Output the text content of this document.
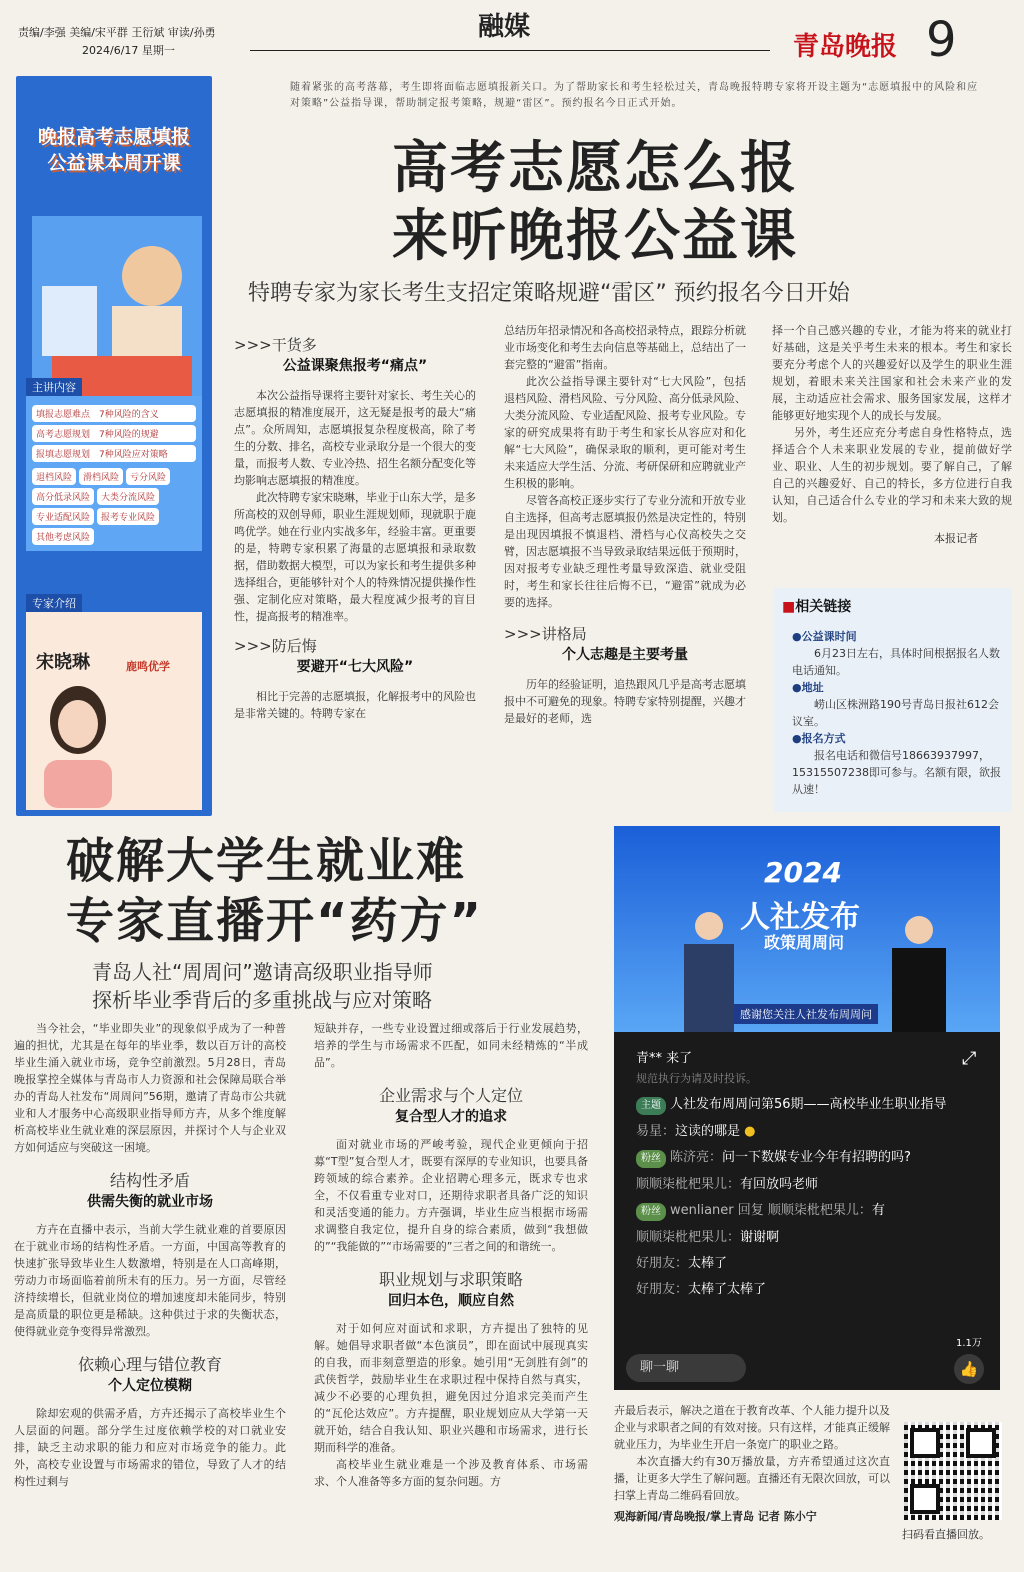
责编/李强 美编/宋平群 王衍斌 审读/孙勇
2024/6/17 星期一
融媒
青岛晚报 9
晚报高考志愿填报公益课本周开课
主讲内容
填报志愿难点　 7种风险的含义
高考志愿规划　 7种风险的规避
报填志愿规划　 7种风险应对策略
退档风险	滑档风险	亏分风险
高分低录风险	大类分流风险
专业适配风险	报考专业风险
其他考虑风险
专家介绍
宋晓琳	鹿鸣优学
随着紧张的高考落幕，考生即将面临志愿填报新关口。为了帮助家长和考生轻松过关，青岛晚报特聘专家将开设主题为“志愿填报中的风险和应对策略”公益指导课，帮助制定报考策略，规避“雷区”。预约报名今日正式开始。
高考志愿怎么报
来听晚报公益课
特聘专家为家长考生支招定策略规避“雷区” 预约报名今日开始
>>>干货多
公益课聚焦报考“痛点”
本次公益指导课将主要针对家长、考生关心的志愿填报的精准度展开，这无疑是报考的最大“痛点”。众所周知，志愿填报复杂程度极高，除了考生的分数、排名，高校专业录取分是一个很大的变量，而报考人数、专业冷热、招生名额分配变化等均影响志愿填报的精准度。
此次特聘专家宋晓琳，毕业于山东大学，是多所高校的双创导师，职业生涯规划师，现就职于鹿鸣优学。她在行业内实战多年，经验丰富。更重要的是，特聘专家积累了海量的志愿填报和录取数据，借助数据大模型，可以为家长和考生提供多种选择组合，更能够针对个人的特殊情况提供操作性强、定制化应对策略，最大程度减少报考的盲目性，提高报考的精准率。
>>>防后悔
要避开“七大风险”
相比于完善的志愿填报，化解报考中的风险也是非常关键的。特聘专家在
总结历年招录情况和各高校招录特点，跟踪分析就业市场变化和考生去向信息等基础上，总结出了一套完整的“避雷”指南。
此次公益指导课主要针对“七大风险”，包括退档风险、滑档风险、亏分风险、高分低录风险、大类分流风险、专业适配风险、报考专业风险。专家的研究成果将有助于考生和家长从容应对和化解“七大风险”，确保录取的顺利，更可能对考生未来适应大学生活、分流、考研保研和应聘就业产生积极的影响。
尽管各高校正逐步实行了专业分流和开放专业自主选择，但高考志愿填报仍然是决定性的，特别是出现因填报不慎退档、滑档与心仪高校失之交臂，因志愿填报不当导致录取结果远低于预期时，因对报考专业缺乏理性考量导致深造、就业受阻时，考生和家长往往后悔不已，“避雷”就成为必要的选择。
>>>讲格局
个人志趣是主要考量
历年的经验证明，追热跟风几乎是高考志愿填报中不可避免的现象。特聘专家特别提醒，兴趣才是最好的老师，选
择一个自己感兴趣的专业，才能为将来的就业打好基础，这是关乎考生未来的根本。考生和家长要充分考虑个人的兴趣爱好以及学生的职业生涯规划，着眼未来关注国家和社会未来产业的发展，主动适应社会需求、服务国家发展，这样才能够更好地实现个人的成长与发展。
另外，考生还应充分考虑自身性格特点，选择适合个人未来职业发展的专业，提前做好学业、职业、人生的初步规划。要了解自己，了解自己的兴趣爱好、自己的特长，多方位进行自我认知，自己适合什么专业的学习和未来大致的规划。
本报记者
■相关链接
●公益课时间
6月23日左右，具体时间根据报名人数电话通知。
●地址
崂山区株洲路190号青岛日报社612会议室。
●报名方式
报名电话和微信号18663937997，15315507238即可参与。名额有限，欲报从速！
破解大学生就业难
专家直播开“药方”
青岛人社“周周问”邀请高级职业指导师
探析毕业季背后的多重挑战与应对策略
当今社会，“毕业即失业”的现象似乎成为了一种普遍的担忧，尤其是在每年的毕业季，数以百万计的高校毕业生涌入就业市场，竞争空前激烈。5月28日，青岛晚报掌控全媒体与青岛市人力资源和社会保障局联合举办的青岛人社发布“周周问”56期，邀请了青岛市公共就业和人才服务中心高级职业指导师方卉，从多个维度解析高校毕业生就业难的深层原因，并探讨个人与企业双方如何适应与突破这一困境。
结构性矛盾
供需失衡的就业市场
方卉在直播中表示，当前大学生就业难的首要原因在于就业市场的结构性矛盾。一方面，中国高等教育的快速扩张导致毕业生人数激增，特别是在人口高峰期，劳动力市场面临着前所未有的压力。另一方面，尽管经济持续增长，但就业岗位的增加速度却未能同步，特别是高质量的职位更是稀缺。这种供过于求的失衡状态，使得就业竞争变得异常激烈。
依赖心理与错位教育
个人定位模糊
除却宏观的供需矛盾，方卉还揭示了高校毕业生个人层面的问题。部分学生过度依赖学校的对口就业安排，缺乏主动求职的能力和应对市场竞争的能力。此外，高校专业设置与市场需求的错位，导致了人才的结构性过剩与
短缺并存，一些专业设置过细或落后于行业发展趋势，培养的学生与市场需求不匹配，如同未经精炼的“半成品”。
企业需求与个人定位
复合型人才的追求
面对就业市场的严峻考验，现代企业更倾向于招募“T型”复合型人才，既要有深厚的专业知识，也要具备跨领域的综合素养。企业招聘心理多元，既求专也求全，不仅看重专业对口，还期待求职者具备广泛的知识和灵活变通的能力。方卉强调，毕业生应当根据市场需求调整自我定位，提升自身的综合素质，做到“我想做的”“我能做的”“市场需要的”三者之间的和谐统一。
职业规划与求职策略
回归本色，顺应自然
对于如何应对面试和求职，方卉提出了独特的见解。她倡导求职者做“本色演员”，即在面试中展现真实的自我，而非刻意塑造的形象。她引用“无剑胜有剑”的武侠哲学，鼓励毕业生在求职过程中保持自然与真实，减少不必要的心理负担，避免因过分追求完美而产生的“瓦伦达效应”。方卉提醒，职业规划应从大学第一天就开始，结合自我认知、职业兴趣和市场需求，进行长期而科学的准备。
高校毕业生就业难是一个涉及教育体系、市场需求、个人准备等多方面的复杂问题。方
2024
人社发布
政策周周问
感谢您关注人社发布周周问
青** 来了
规范执行为请及时投诉。
主题 人社发布周周问第56期——高校毕业生职业指导
易星：这读的哪是 ●
粉丝 陈济亮：问一下数媒专业今年有招聘的吗?
顺顺柒枇杷果儿：有回放吗老师
粉丝 wenlianer 回复 顺顺柒枇杷果儿：有
顺顺柒枇杷果儿：谢谢啊
好朋友：太棒了
好朋友：太棒了太棒了
⤢
聊一聊
1.1万
👍
卉最后表示，解决之道在于教育改革、个人能力提升以及企业与求职者之间的有效对接。只有这样，才能真正缓解就业压力，为毕业生开启一条宽广的职业之路。
本次直播大约有30万播放量，方卉希望通过这次直播，让更多大学生了解问题。直播还有无限次回放，可以扫掌上青岛二维码看回放。
观海新闻/青岛晚报/掌上青岛 记者 陈小宁
扫码看直播回放。
